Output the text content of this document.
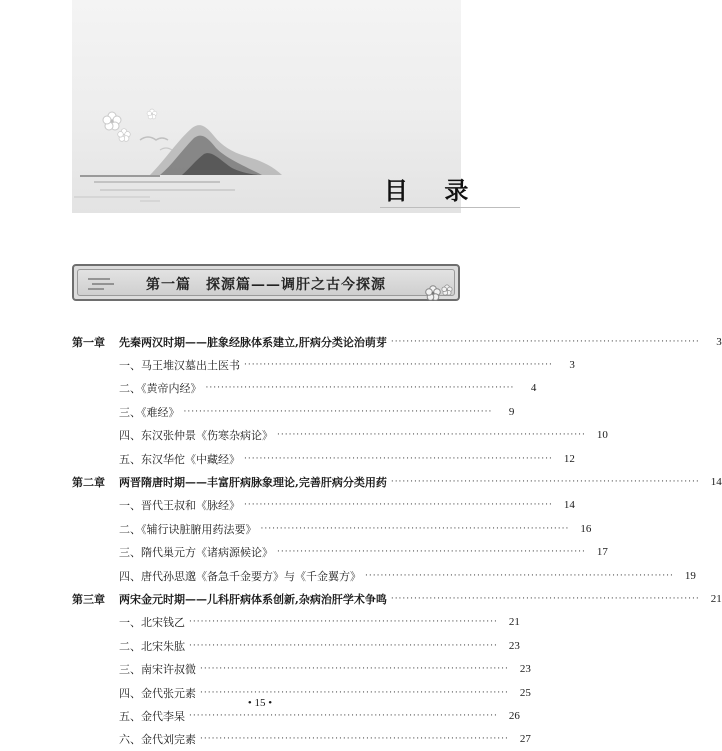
目 录
第一篇　探源篇——调肝之古今探源
第一章	先秦两汉时期——脏象经脉体系建立,肝病分类论治萌芽 ················································································	3
一、马王堆汉墓出土医书 ················································································	3
二、《黄帝内经》 ················································································	4
三、《难经》 ················································································	9
四、东汉张仲景《伤寒杂病论》 ················································································	10
五、东汉华佗《中藏经》 ················································································	12
第二章	两晋隋唐时期——丰富肝病脉象理论,完善肝病分类用药 ················································································	14
一、晋代王叔和《脉经》 ················································································	14
二、《辅行诀脏腑用药法要》 ················································································	16
三、隋代巢元方《诸病源候论》 ················································································	17
四、唐代孙思邈《备急千金要方》与《千金翼方》 ················································································	19
第三章	两宋金元时期——儿科肝病体系创新,杂病治肝学术争鸣 ················································································	21
一、北宋钱乙 ················································································	21
二、北宋朱肱 ················································································	23
三、南宋许叔微 ················································································	23
四、金代张元素 ················································································	25
五、金代李杲 ················································································	26
六、金代刘完素 ················································································	27
• 15 •
